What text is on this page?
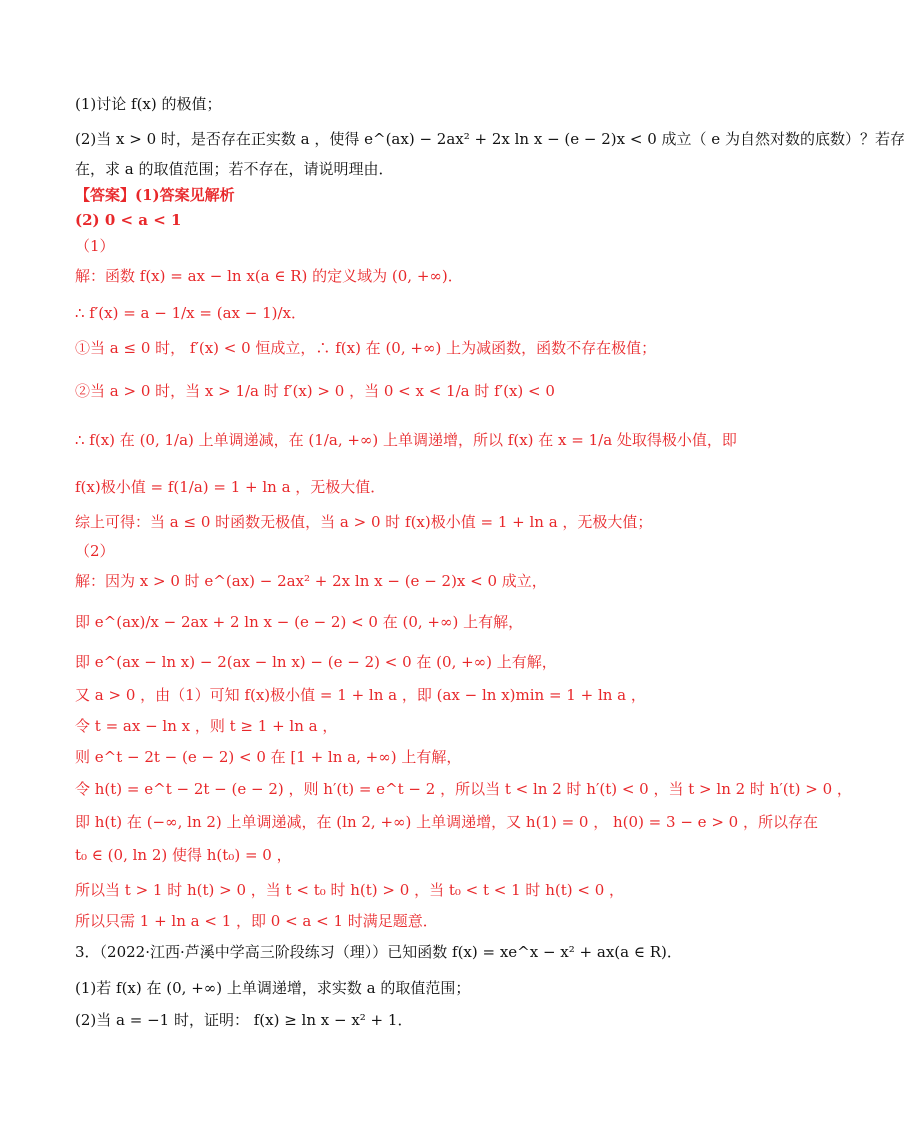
(1)讨论 f(x) 的极值；
(2)当 x > 0 时，是否存在正实数 a ，使得 e^(ax) − 2ax² + 2x ln x − (e − 2)x < 0 成立（ e 为自然对数的底数）？若存
在，求 a 的取值范围；若不存在，请说明理由．
【答案】(1)答案见解析
(2) 0 < a < 1
（1）
解：函数 f(x) = ax − ln x(a ∈ R) 的定义域为 (0, +∞)．
∴ f′(x) = a − 1/x = (ax − 1)/x．
①当 a ≤ 0 时， f′(x) < 0 恒成立，∴ f(x) 在 (0, +∞) 上为减函数，函数不存在极值；
②当 a > 0 时，当 x > 1/a 时 f′(x) > 0 ，当 0 < x < 1/a 时 f′(x) < 0
∴ f(x) 在 (0, 1/a) 上单调递减，在 (1/a, +∞) 上单调递增，所以 f(x) 在 x = 1/a 处取得极小值，即
f(x)极小值 = f(1/a) = 1 + ln a ，无极大值．
综上可得：当 a ≤ 0 时函数无极值，当 a > 0 时 f(x)极小值 = 1 + ln a ，无极大值；
（2）
解：因为 x > 0 时 e^(ax) − 2ax² + 2x ln x − (e − 2)x < 0 成立，
即 e^(ax)/x − 2ax + 2 ln x − (e − 2) < 0 在 (0, +∞) 上有解，
即 e^(ax − ln x) − 2(ax − ln x) − (e − 2) < 0 在 (0, +∞) 上有解，
又 a > 0 ，由（1）可知 f(x)极小值 = 1 + ln a ，即 (ax − ln x)min = 1 + ln a ，
令 t = ax − ln x ，则 t ≥ 1 + ln a ，
则 e^t − 2t − (e − 2) < 0 在 [1 + ln a, +∞) 上有解，
令 h(t) = e^t − 2t − (e − 2) ，则 h′(t) = e^t − 2 ，所以当 t < ln 2 时 h′(t) < 0 ，当 t > ln 2 时 h′(t) > 0 ，
即 h(t) 在 (−∞, ln 2) 上单调递减，在 (ln 2, +∞) 上单调递增，又 h(1) = 0 ， h(0) = 3 − e > 0 ，所以存在
t₀ ∈ (0, ln 2) 使得 h(t₀) = 0 ，
所以当 t > 1 时 h(t) > 0 ，当 t < t₀ 时 h(t) > 0 ，当 t₀ < t < 1 时 h(t) < 0 ，
所以只需 1 + ln a < 1 ，即 0 < a < 1 时满足题意．
3．（2022·江西·芦溪中学高三阶段练习（理））已知函数 f(x) = xe^x − x² + ax(a ∈ R)．
(1)若 f(x) 在 (0, +∞) 上单调递增，求实数 a 的取值范围；
(2)当 a = −1 时，证明： f(x) ≥ ln x − x² + 1．
